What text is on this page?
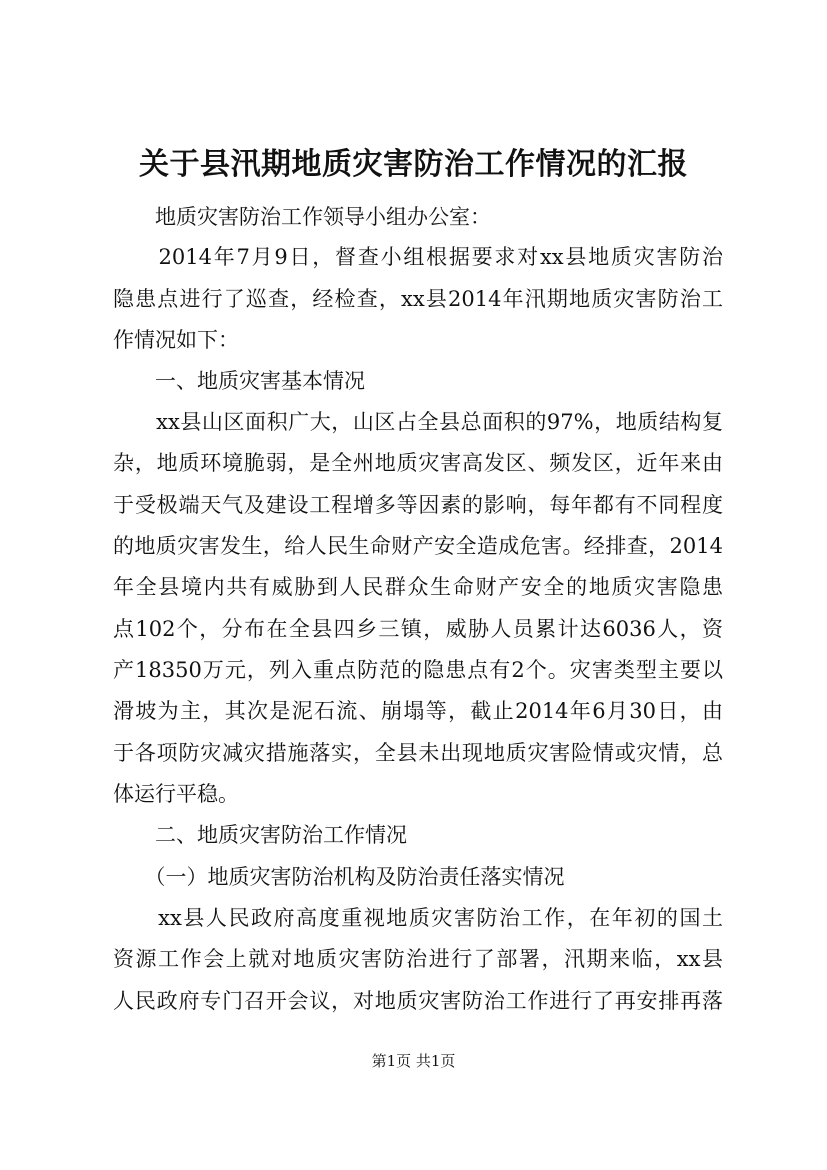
关于县汛期地质灾害防治工作情况的汇报
　　地质灾害防治工作领导小组办公室：
　　2014年7月9日，督查小组根据要求对xx县地质灾害防治
隐患点进行了巡查，经检查，xx县2014年汛期地质灾害防治工
作情况如下：
　　一、地质灾害基本情况
　　xx县山区面积广大，山区占全县总面积的97%，地质结构复
杂，地质环境脆弱，是全州地质灾害高发区、频发区，近年来由
于受极端天气及建设工程增多等因素的影响，每年都有不同程度
的地质灾害发生，给人民生命财产安全造成危害。经排查，2014
年全县境内共有威胁到人民群众生命财产安全的地质灾害隐患
点102个，分布在全县四乡三镇，威胁人员累计达6036人，资
产18350万元，列入重点防范的隐患点有2个。灾害类型主要以
滑坡为主，其次是泥石流、崩塌等，截止2014年6月30日，由
于各项防灾减灾措施落实，全县未出现地质灾害险情或灾情，总
体运行平稳。
　　二、地质灾害防治工作情况
　　（一）地质灾害防治机构及防治责任落实情况
　　xx县人民政府高度重视地质灾害防治工作，在年初的国土
资源工作会上就对地质灾害防治进行了部署，汛期来临，xx县
人民政府专门召开会议，对地质灾害防治工作进行了再安排再落
第1页 共1页
